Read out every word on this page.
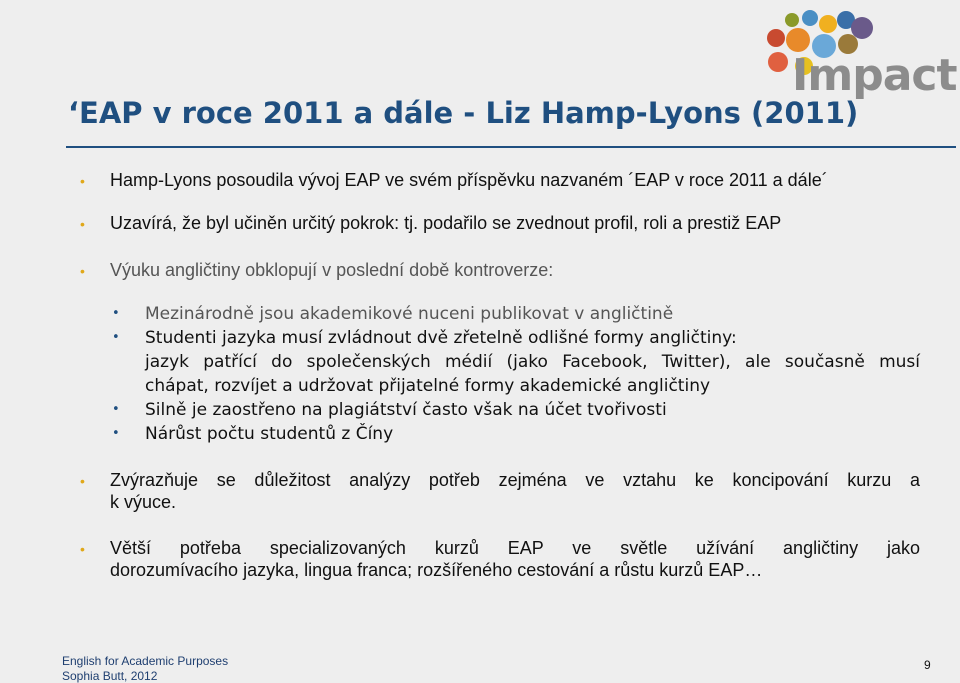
Impact
‘EAP v roce 2011 a dále - Liz Hamp-Lyons (2011)
• Hamp-Lyons posoudila vývoj EAP ve svém příspěvku nazvaném ´EAP v roce 2011 a dále´
• Uzavírá, že byl učiněn určitý pokrok: tj. podařilo se zvednout profil, roli a prestiž EAP
• Výuku angličtiny obklopují v poslední době kontroverze:
• Mezinárodně jsou akademikové nuceni publikovat v angličtině
• Studenti jazyka musí zvládnout dvě zřetelně odlišné formy angličtiny:
jazyk patřící do společenských médií (jako Facebook, Twitter), ale současně musí
chápat, rozvíjet a udržovat přijatelné formy akademické angličtiny
• Silně je zaostřeno na plagiátství často však na účet tvořivosti
• Nárůst počtu studentů z Číny
• Zvýrazňuje se důležitost analýzy potřeb zejména ve vztahu ke koncipování kurzu a
k výuce.
• Větší potřeba specializovaných kurzů EAP ve světle užívání angličtiny jako
dorozumívacího jazyka, lingua franca; rozšířeného cestování a růstu kurzů EAP…
English for Academic Purposes
Sophia Butt, 2012
9
